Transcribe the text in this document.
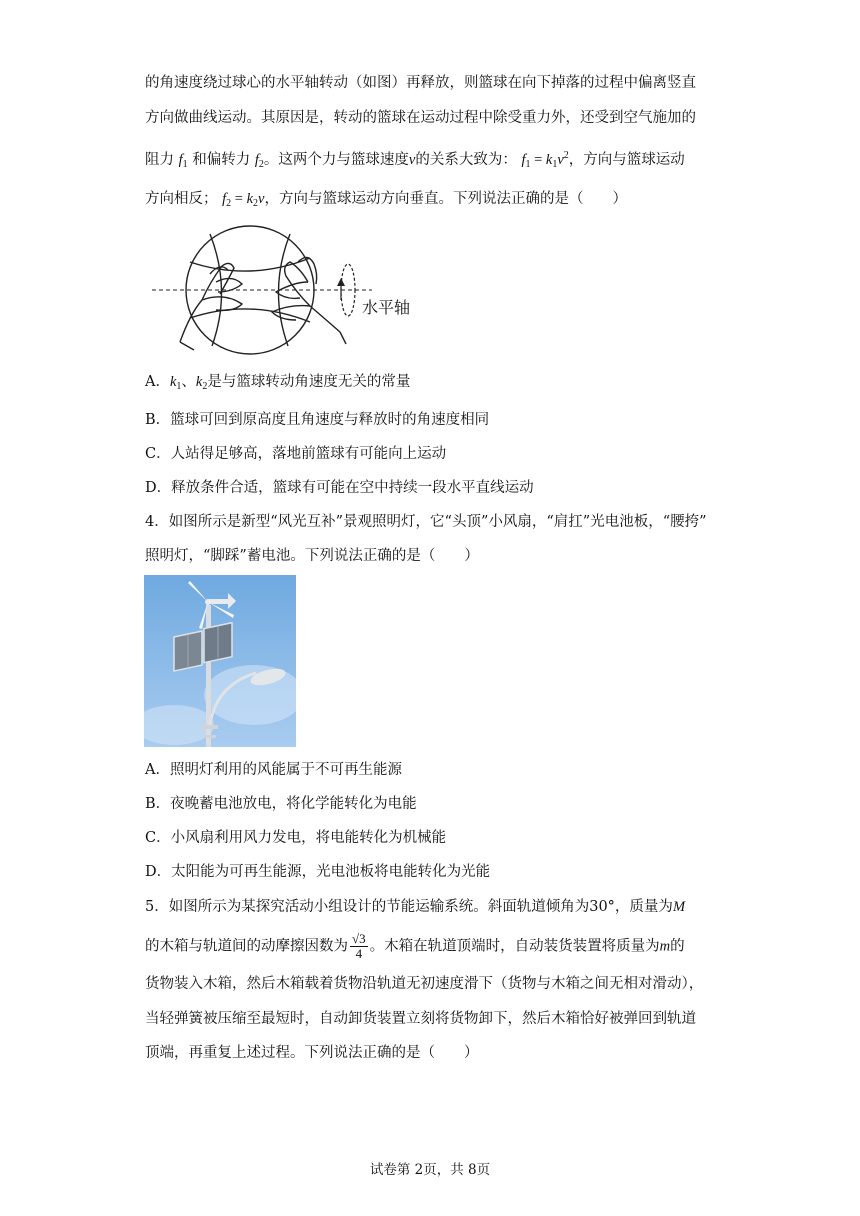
的角速度绕过球心的水平轴转动（如图）再释放，则篮球在向下掉落的过程中偏离竖直
方向做曲线运动。其原因是，转动的篮球在运动过程中除受重力外，还受到空气施加的
阻力 $f_1$ 和偏转力 $f_2$。这两个力与篮球速度v的关系大致为： $f_1 = k_1v^2$，方向与篮球运动
方向相反； $f_2 = k_2v$，方向与篮球运动方向垂直。下列说法正确的是（　　）
水平轴
A．$k_1$、$k_2$是与篮球转动角速度无关的常量
B．篮球可回到原高度且角速度与释放时的角速度相同
C．人站得足够高，落地前篮球有可能向上运动
D．释放条件合适，篮球有可能在空中持续一段水平直线运动
4．如图所示是新型“风光互补”景观照明灯，它“头顶”小风扇，“肩扛”光电池板，“腰挎”
照明灯，“脚踩”蓄电池。下列说法正确的是（　　）
A．照明灯利用的风能属于不可再生能源
B．夜晚蓄电池放电，将化学能转化为电能
C．小风扇利用风力发电，将电能转化为机械能
D．太阳能为可再生能源，光电池板将电能转化为光能
5．如图所示为某探究活动小组设计的节能运输系统。斜面轨道倾角为30°，质量为M
的木箱与轨道间的动摩擦因数为 $\frac{√3}{4}$ 。木箱在轨道顶端时，自动装货装置将质量为m的
货物装入木箱，然后木箱载着货物沿轨道无初速度滑下（货物与木箱之间无相对滑动），
当轻弹簧被压缩至最短时，自动卸货装置立刻将货物卸下，然后木箱恰好被弹回到轨道
顶端，再重复上述过程。下列说法正确的是（　　）
试卷第 2页，共 8页
